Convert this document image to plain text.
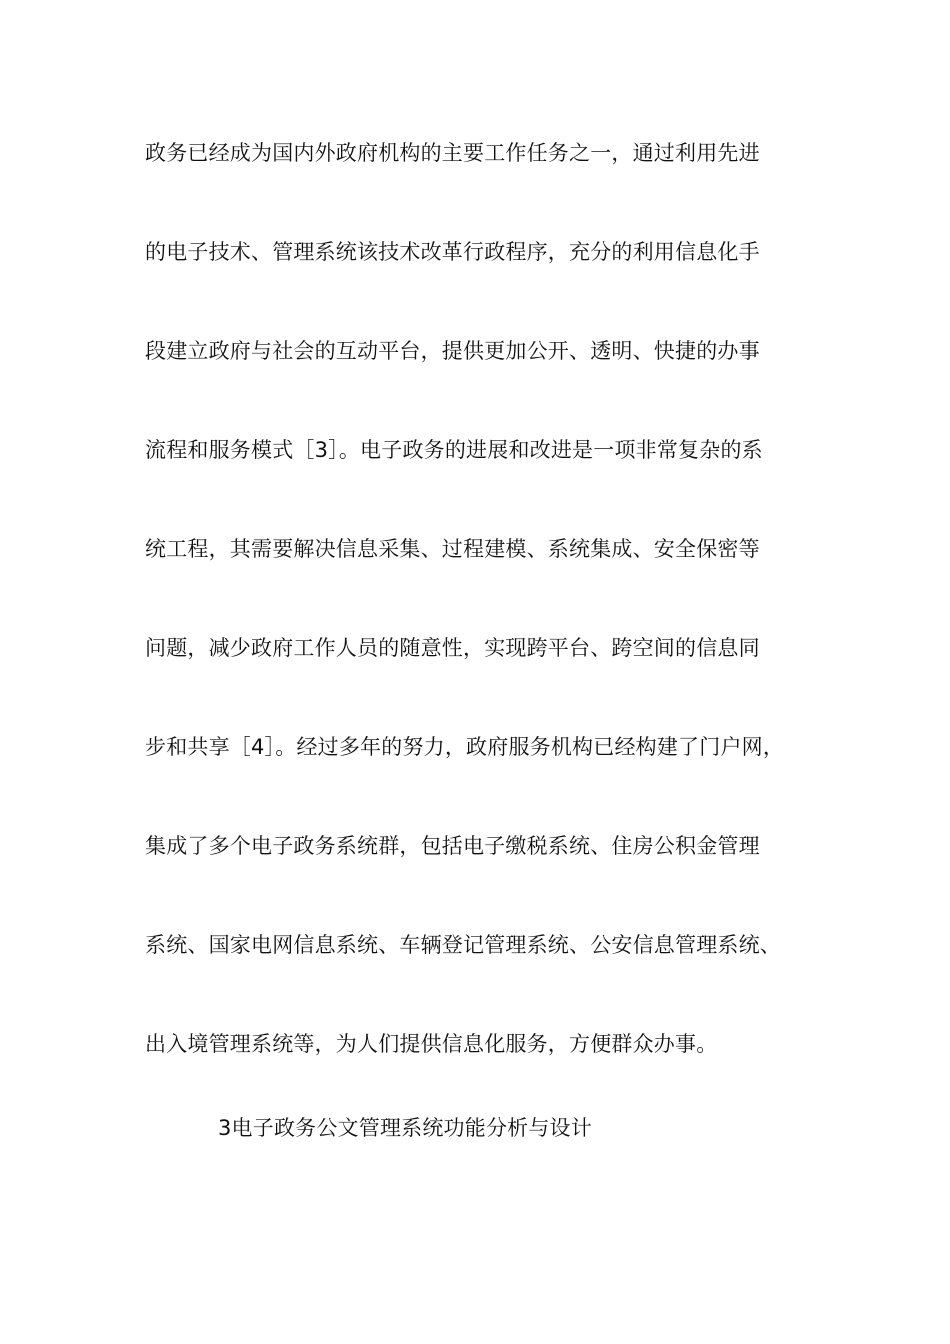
政务已经成为国内外政府机构的主要工作任务之一，通过利用先进
的电子技术、管理系统该技术改革行政程序，充分的利用信息化手
段建立政府与社会的互动平台，提供更加公开、透明、快捷的办事
流程和服务模式［3］。电子政务的进展和改进是一项非常复杂的系
统工程，其需要解决信息采集、过程建模、系统集成、安全保密等
问题，减少政府工作人员的随意性，实现跨平台、跨空间的信息同
步和共享［4］。经过多年的努力，政府服务机构已经构建了门户网，
集成了多个电子政务系统群，包括电子缴税系统、住房公积金管理
系统、国家电网信息系统、车辆登记管理系统、公安信息管理系统、
出入境管理系统等，为人们提供信息化服务，方便群众办事。
3电子政务公文管理系统功能分析与设计
